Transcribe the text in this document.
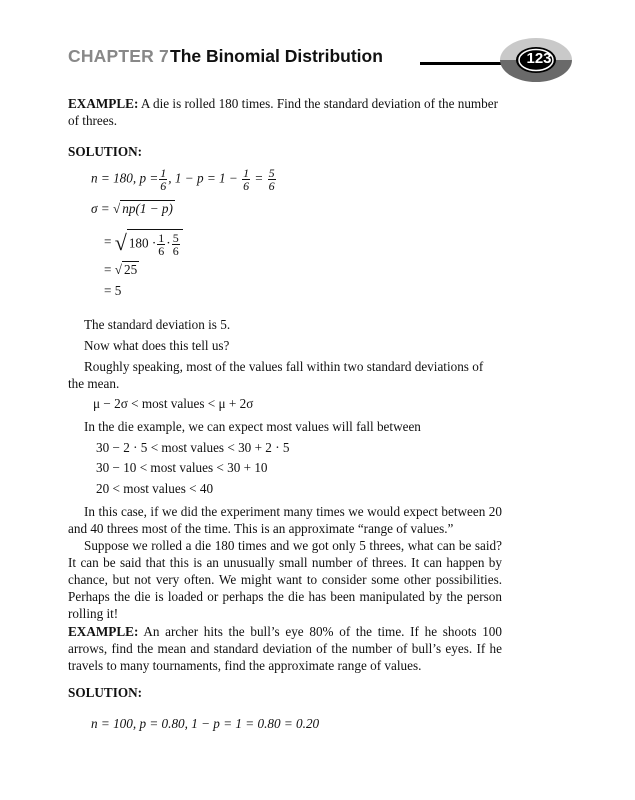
CHAPTER 7 The Binomial Distribution	123
EXAMPLE: A die is rolled 180 times. Find the standard deviation of the number of threes.
SOLUTION:
n = 180, $p = \frac{1}{6}$ , $1 - p = 1 - \frac{1}{6} = \frac{5}{6}$
σ = √ np(1 − p)
= √ $180 \cdot \frac{1}{6} \cdot \frac{5}{6}$
= √ 25
= 5
The standard deviation is 5.
Now what does this tell us?
Roughly speaking, most of the values fall within two standard deviations of the mean.
μ − 2σ < most values < μ + 2σ
In the die example, we can expect most values will fall between
30 − 2 · 5 < most values < 30 + 2 · 5
30 − 10 < most values < 30 + 10
20 < most values < 40
In this case, if we did the experiment many times we would expect between 20 and 40 threes most of the time. This is an approximate “range of values.”
Suppose we rolled a die 180 times and we got only 5 threes, what can be said? It can be said that this is an unusually small number of threes. It can happen by chance, but not very often. We might want to consider some other possibilities. Perhaps the die is loaded or perhaps the die has been manipulated by the person rolling it!
EXAMPLE: An archer hits the bull’s eye 80% of the time. If he shoots 100 arrows, find the mean and standard deviation of the number of bull’s eyes. If he travels to many tournaments, find the approximate range of values.
SOLUTION:
n = 100, p = 0.80, 1 − p = 1 = 0.80 = 0.20
